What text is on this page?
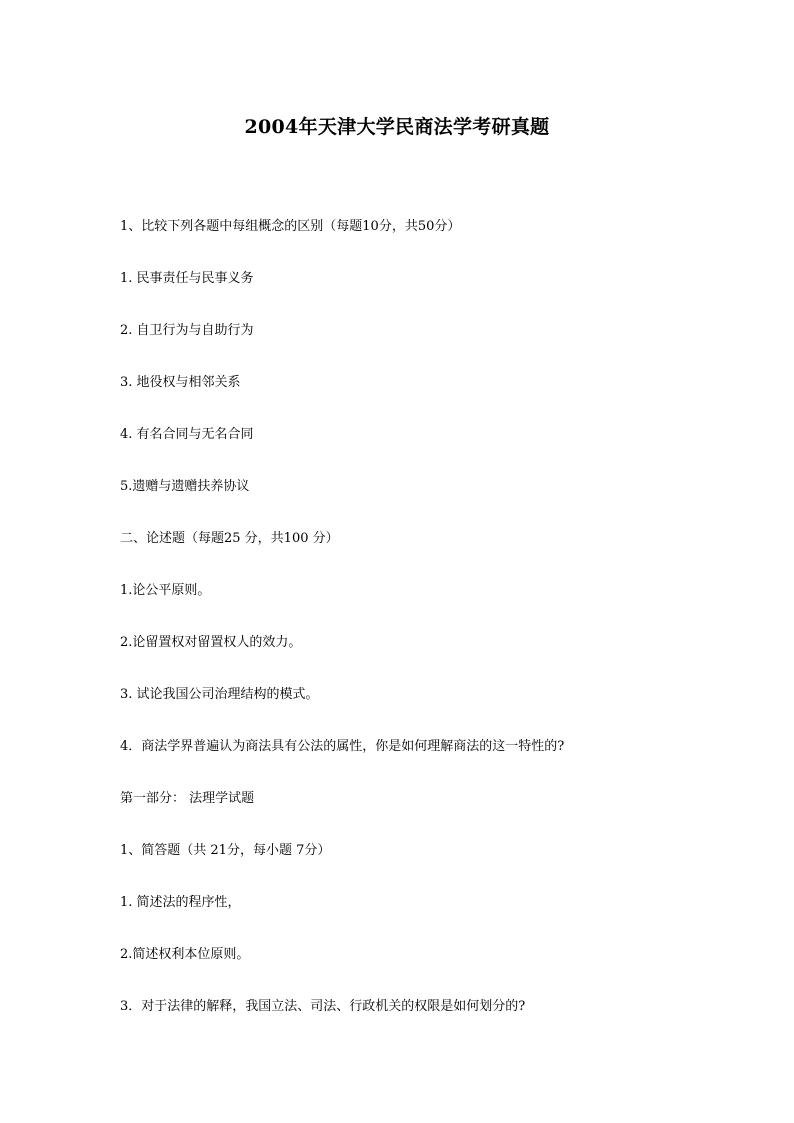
2004年天津大学民商法学考研真题
1、比较下列各题中每组概念的区别（每题10分，共50分）
1. 民事责任与民事义务
2. 自卫行为与自助行为
3. 地役权与相邻关系
4. 有名合同与无名合同
5.遗赠与遗赠扶养协议
二、论述题（每题25 分，共100 分）
1.论公平原则。
2.论留置权对留置权人的效力。
3. 试论我国公司治理结构的模式。
4．商法学界普遍认为商法具有公法的属性，你是如何理解商法的这一特性的?
第一部分： 法理学试题
1、简答题（共 21分，每小题 7分）
1. 简述法的程序性，
2.简述权利本位原则。
3．对于法律的解释，我国立法、司法、行政机关的权限是如何划分的?
